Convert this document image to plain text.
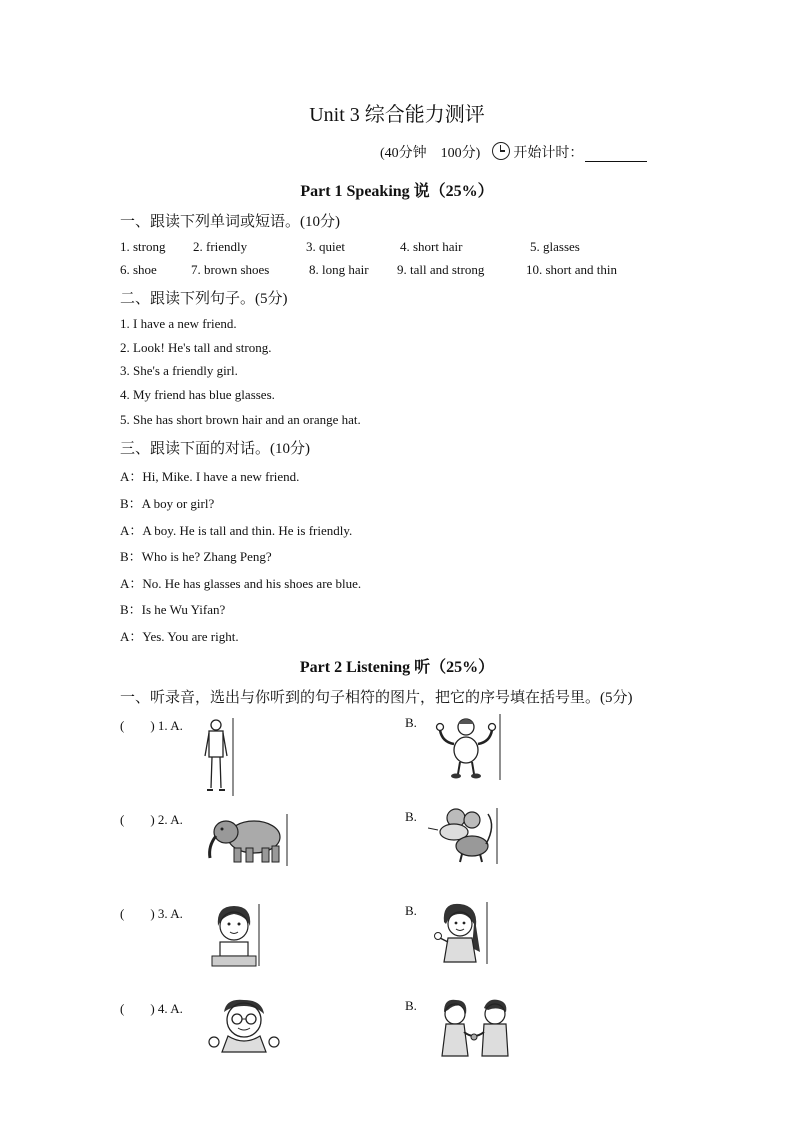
Unit 3 综合能力测评
(40分钟　100分) 开始计时：
Part 1 Speaking 说（25%）
一、跟读下列单词或短语。(10分)
1. strong 2. friendly	3. quiet	4. short hair	5. glasses
6. shoe	7. brown shoes	8. long hair 9. tall and strong	10. short and thin
二、跟读下列句子。(5分)
1. I have a new friend.
2. Look! He's tall and strong.
3. She's a friendly girl.
4. My friend has blue glasses.
5. She has short brown hair and an orange hat.
三、跟读下面的对话。(10分)
A：Hi, Mike. I have a new friend.
B：A boy or girl?
A：A boy. He is tall and thin. He is friendly.
B：Who is he? Zhang Peng?
A：No. He has glasses and his shoes are blue.
B：Is he Wu Yifan?
A：Yes. You are right.
Part 2 Listening 听（25%）
一、听录音，选出与你听到的句子相符的图片，把它的序号填在括号里。(5分)
(　　) 1. A.	B.
(　　) 2. A.	B.
(　　) 3. A.	B.
(　　) 4. A.	B.
